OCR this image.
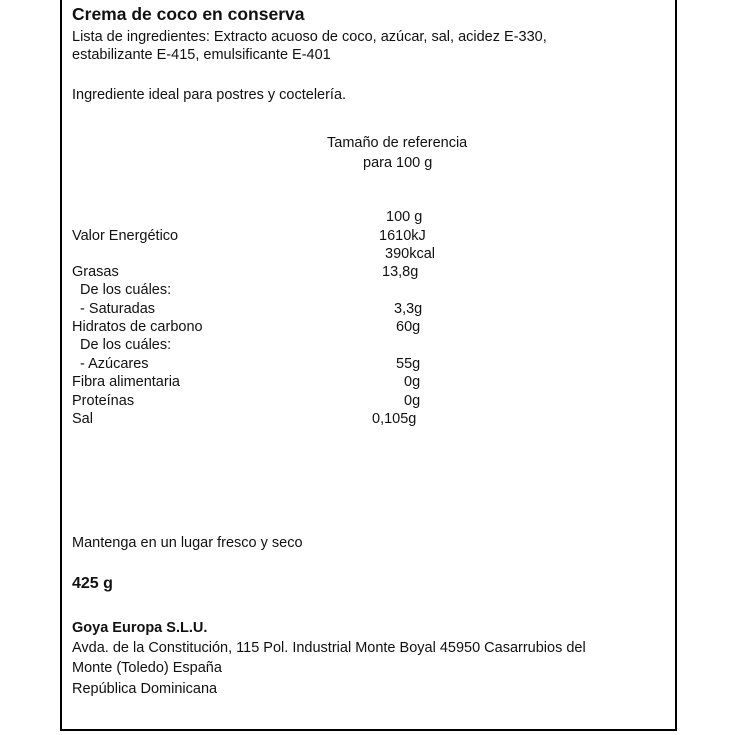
Crema de coco en conserva
Lista de ingredientes: Extracto acuoso de coco, azúcar, sal, acidez E-330,
estabilizante E-415, emulsificante E-401
Ingrediente ideal para postres y coctelería.
Tamaño de referencia
para 100 g
100 g
Valor Energético	1610kJ
390kcal
Grasas	13,8g
De los cuáles:
- Saturadas	3,3g
Hidratos de carbono	60g
De los cuáles:
- Azúcares	55g
Fibra alimentaria	0g
Proteínas	0g
Sal	0,105g
Mantenga en un lugar fresco y seco
425 g
Goya Europa S.L.U.
Avda. de la Constitución, 115 Pol. Industrial Monte Boyal 45950 Casarrubios del
Monte (Toledo) España
República Dominicana
